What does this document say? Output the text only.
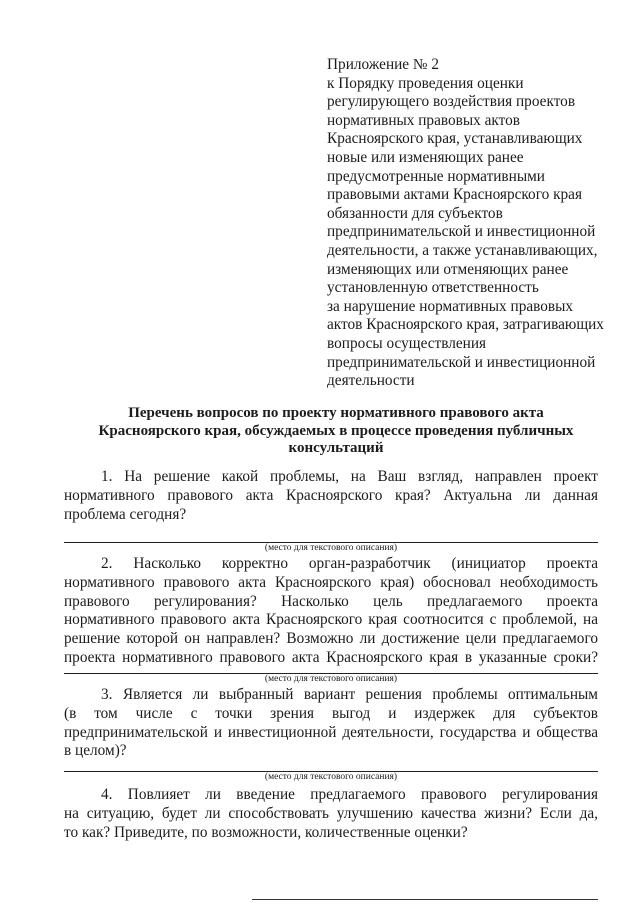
Приложение № 2
к Порядку проведения оценки
регулирующего воздействия проектов
нормативных правовых актов
Красноярского края, устанавливающих
новые или изменяющих ранее
предусмотренные нормативными
правовыми актами Красноярского края
обязанности для субъектов
предпринимательской и инвестиционной
деятельности, а также устанавливающих,
изменяющих или отменяющих ранее
установленную ответственность
за нарушение нормативных правовых
актов Красноярского края, затрагивающих
вопросы осуществления
предпринимательской и инвестиционной
деятельности
Перечень вопросов по проекту нормативного правового акта
Красноярского края, обсуждаемых в процессе проведения публичных
консультаций
1. На решение какой проблемы, на Ваш взгляд, направлен проект
нормативного правового акта Красноярского края? Актуальна ли данная
проблема сегодня?
(место для текстового описания)
2. Насколько корректно орган-разработчик (инициатор проекта
нормативного правового акта Красноярского края) обосновал необходимость
правового регулирования? Насколько цель предлагаемого проекта
нормативного правового акта Красноярского края соотносится с проблемой, на
решение которой он направлен? Возможно ли достижение цели предлагаемого
проекта нормативного правового акта Красноярского края в указанные сроки?
(место для текстового описания)
3. Является ли выбранный вариант решения проблемы оптимальным
(в том числе с точки зрения выгод и издержек для субъектов
предпринимательской и инвестиционной деятельности, государства и общества
в целом)?
(место для текстового описания)
4. Повлияет ли введение предлагаемого правового регулирования
на ситуацию, будет ли способствовать улучшению качества жизни? Если да,
то как? Приведите, по возможности, количественные оценки?
